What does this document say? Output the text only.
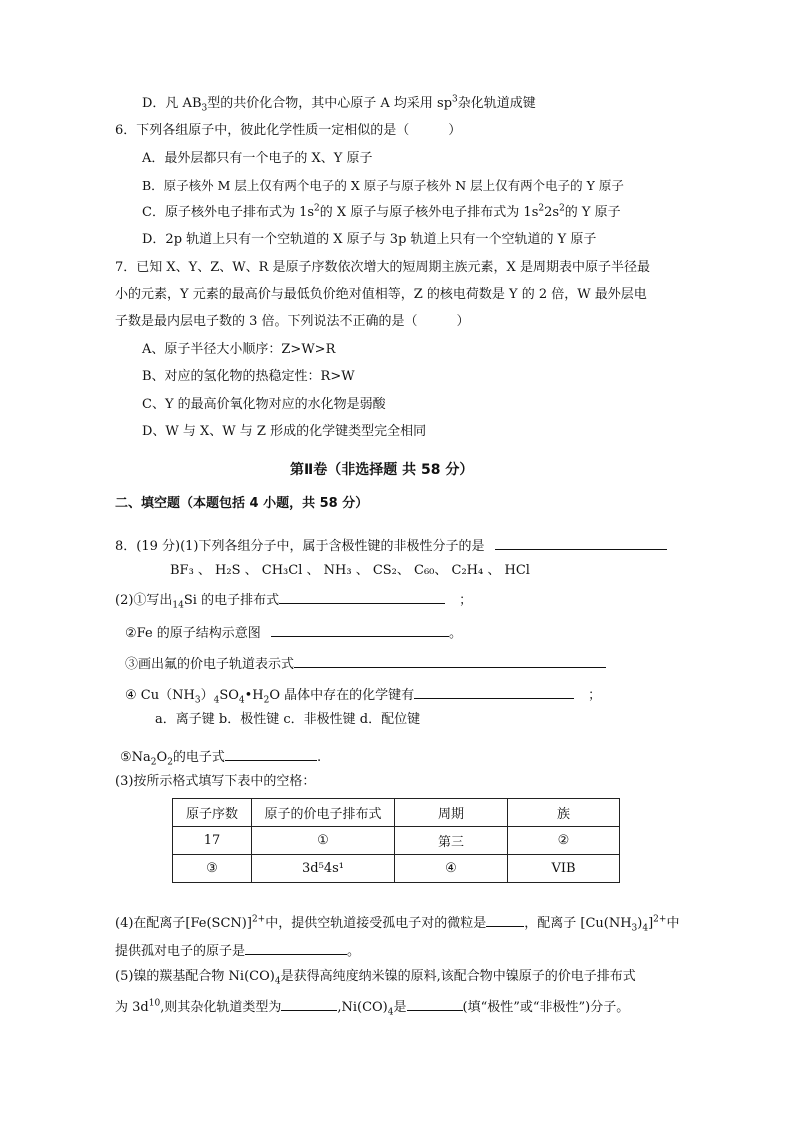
D．凡 $AB_3$型的共价化合物，其中心原子 A 均采用 $sp^3$杂化轨道成键
6．下列各组原子中，彼此化学性质一定相似的是（　　　）
A．最外层都只有一个电子的 X、Y 原子
B．原子核外 M 层上仅有两个电子的 X 原子与原子核外 N 层上仅有两个电子的 Y 原子
C．原子核外电子排布式为 $1s^2$的 X 原子与原子核外电子排布式为 $1s^22s^2$的 Y 原子
D．2p 轨道上只有一个空轨道的 X 原子与 3p 轨道上只有一个空轨道的 Y 原子
7．已知 X、Y、Z、W、R 是原子序数依次增大的短周期主族元素，X 是周期表中原子半径最
小的元素，Y 元素的最高价与最低负价绝对值相等，Z 的核电荷数是 Y 的 2 倍，W 最外层电
子数是最内层电子数的 3 倍。下列说法不正确的是（　　　）
A、原子半径大小顺序：Z>W>R
B、对应的氢化物的热稳定性：R>W
C、Y 的最高价氧化物对应的水化物是弱酸
D、W 与 X、W 与 Z 形成的化学键类型完全相同
第Ⅱ卷（非选择题 共 58 分）
二、填空题（本题包括 4 小题，共 58 分）
8．(19 分)(1)下列各组分子中，属于含极性键的非极性分子的是
BF₃ 、 H₂S 、 CH₃Cl 、 NH₃ 、 CS₂、 C₆₀、 C₂H₄ 、 HCl
(2)①写出$_{14}$Si 的电子排布式	；
②Fe 的原子结构示意图	。
③画出氟的价电子轨道表示式
④ $Cu(NH_3)_4SO_4•H_2O$ 晶体中存在的化学键有	；
a．离子键 b．极性键 c．非极性键 d．配位键
$⑤Na_2O_2$的电子式	.
(3)按所示格式填写下表中的空格：
原子序数	原子的价电子排布式	周期	族
17	①	第三	②
③	3d⁵4s¹	④	VIB
(4)在配离子$[Fe(SCN)]^{2+}$中，提供空轨道接受孤电子对的微粒是	，配离子 $[Cu(NH_3)_4]^{2+}$中
提供孤对电子的原子是	。
(5)镍的羰基配合物 $Ni(CO)_4$是获得高纯度纳米镍的原料,该配合物中镍原子的价电子排布式
为 $3d^{10}$,则其杂化轨道类型为	$,Ni(CO)_4$是	(填“极性”或“非极性”)分子。
